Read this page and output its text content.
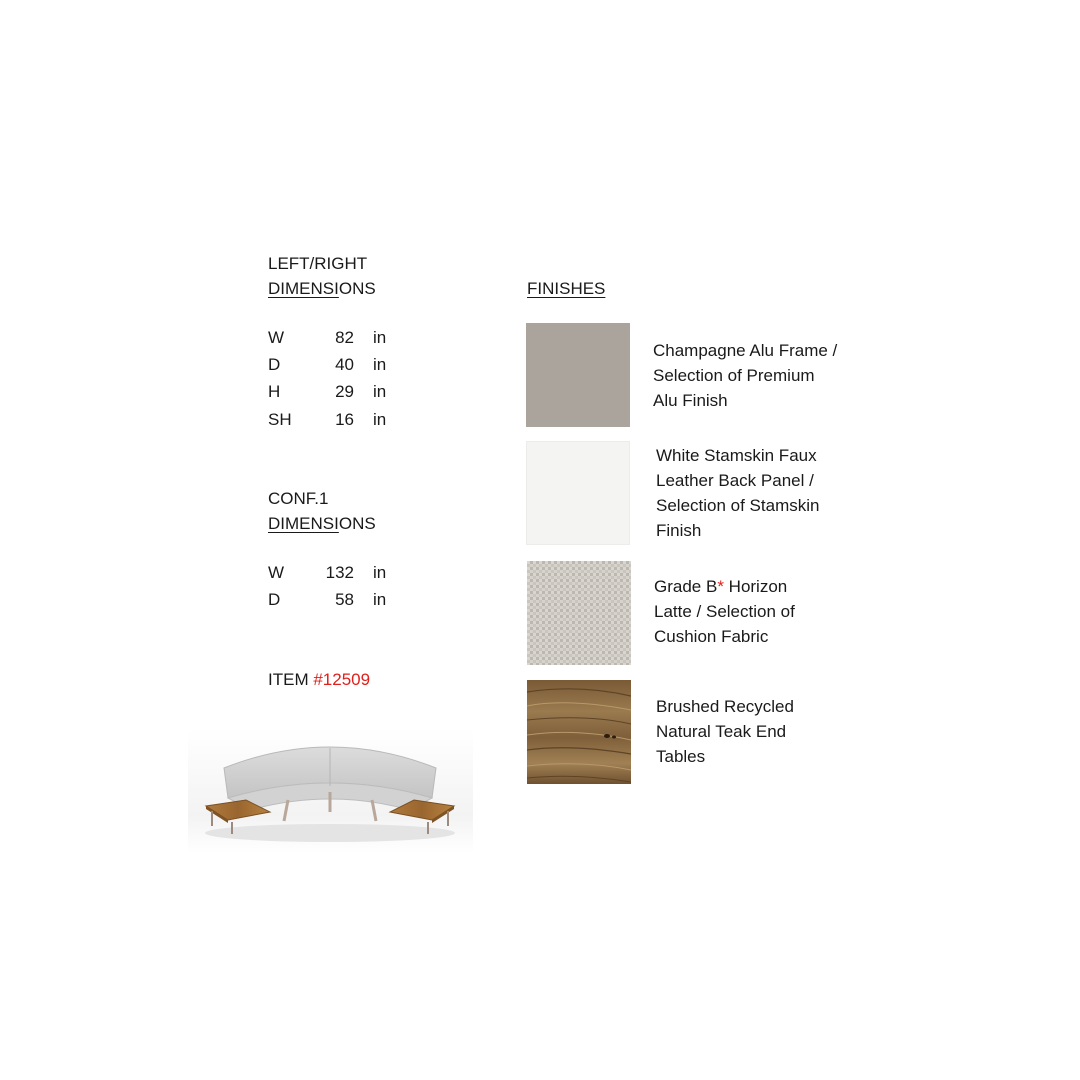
LEFT/RIGHT
DIMENSIONS
W	82 in
D	40 in
H	29 in
SH	16 in
CONF.1
DIMENSIONS
W	132 in
D	58 in
ITEM #12509
FINISHES
Champagne Alu Frame /
Selection of Premium
Alu Finish
White Stamskin Faux
Leather Back Panel /
Selection of Stamskin
Finish
Grade B* Horizon
Latte / Selection of
Cushion Fabric
Brushed Recycled
Natural Teak End
Tables
